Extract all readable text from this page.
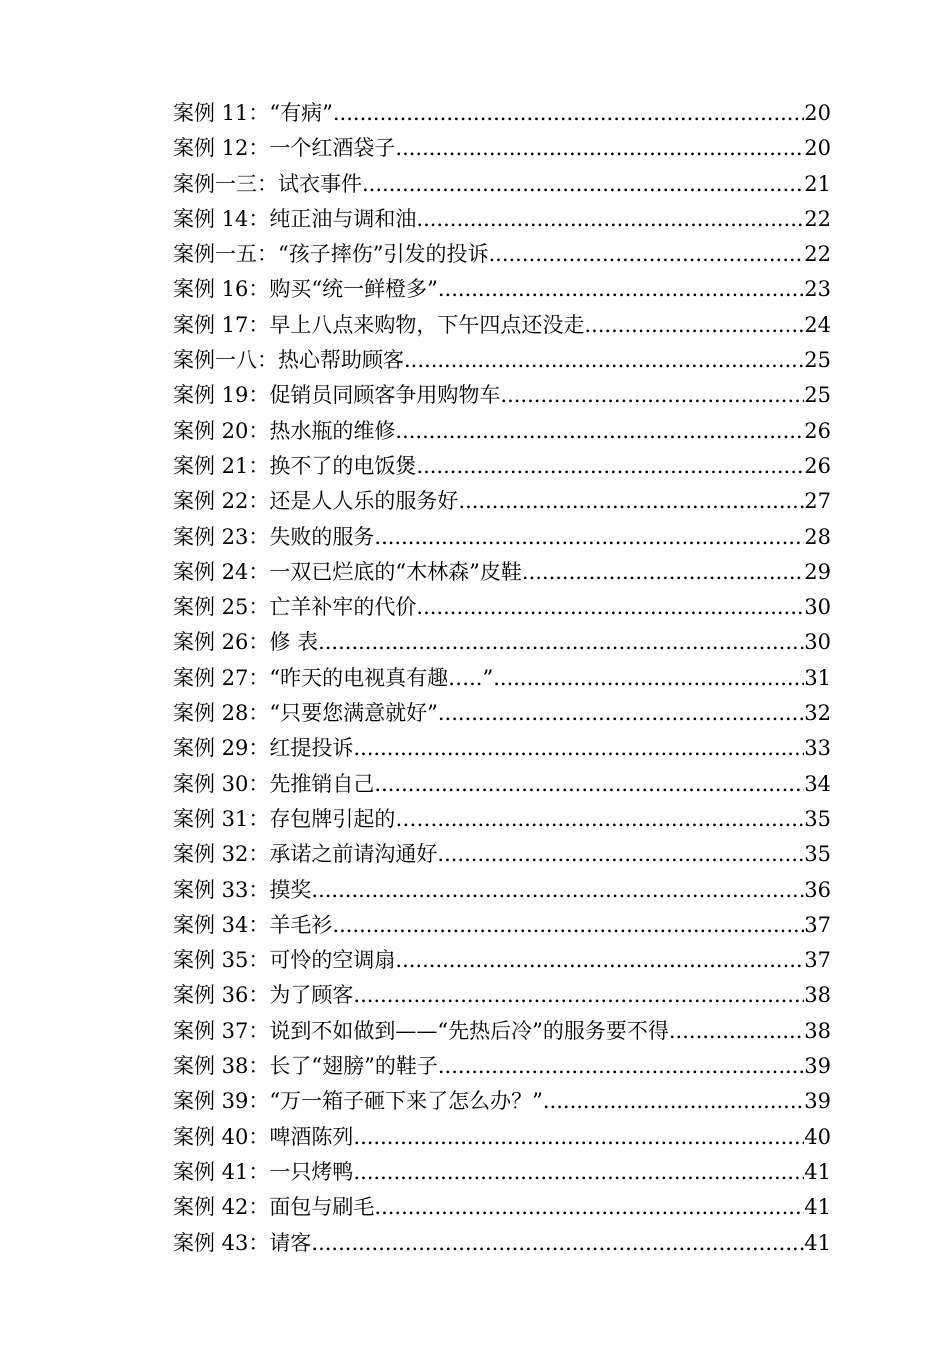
案例 11：“有病” .....	20
案例 12：一个红酒袋子 .....	20
案例一三：试衣事件 .....	21
案例 14：纯正油与调和油 .....	22
案例一五：“孩子摔伤”引发的投诉 .....	22
案例 16：购买“统一鲜橙多” .....	23
案例 17：早上八点来购物，下午四点还没走 .....	24
案例一八：热心帮助顾客 .....	25
案例 19：促销员同顾客争用购物车 .....	25
案例 20：热水瓶的维修 .....	26
案例 21：换不了的电饭煲 .....	26
案例 22：还是人人乐的服务好 .....	27
案例 23：失败的服务 .....	28
案例 24：一双已烂底的“木林森”皮鞋 .....	29
案例 25：亡羊补牢的代价 .....	30
案例 26：修 表 .....	30
案例 27：“昨天的电视真有趣…..” .....	31
案例 28：“只要您满意就好” .....	32
案例 29：红提投诉 .....	33
案例 30：先推销自己 .....	34
案例 31：存包牌引起的…… .....	35
案例 32：承诺之前请沟通好 .....	35
案例 33：摸奖 .....	36
案例 34：羊毛衫 .....	37
案例 35：可怜的空调扇 .....	37
案例 36：为了顾客 .....	38
案例 37：说到不如做到——“先热后冷”的服务要不得 .....	38
案例 38：长了“翅膀”的鞋子 .....	39
案例 39：“万一箱子砸下来了怎么办？” .....	39
案例 40：啤酒陈列 .....	40
案例 41：一只烤鸭 .....	41
案例 42：面包与刷毛 .....	41
案例 43：请客 .....	41
